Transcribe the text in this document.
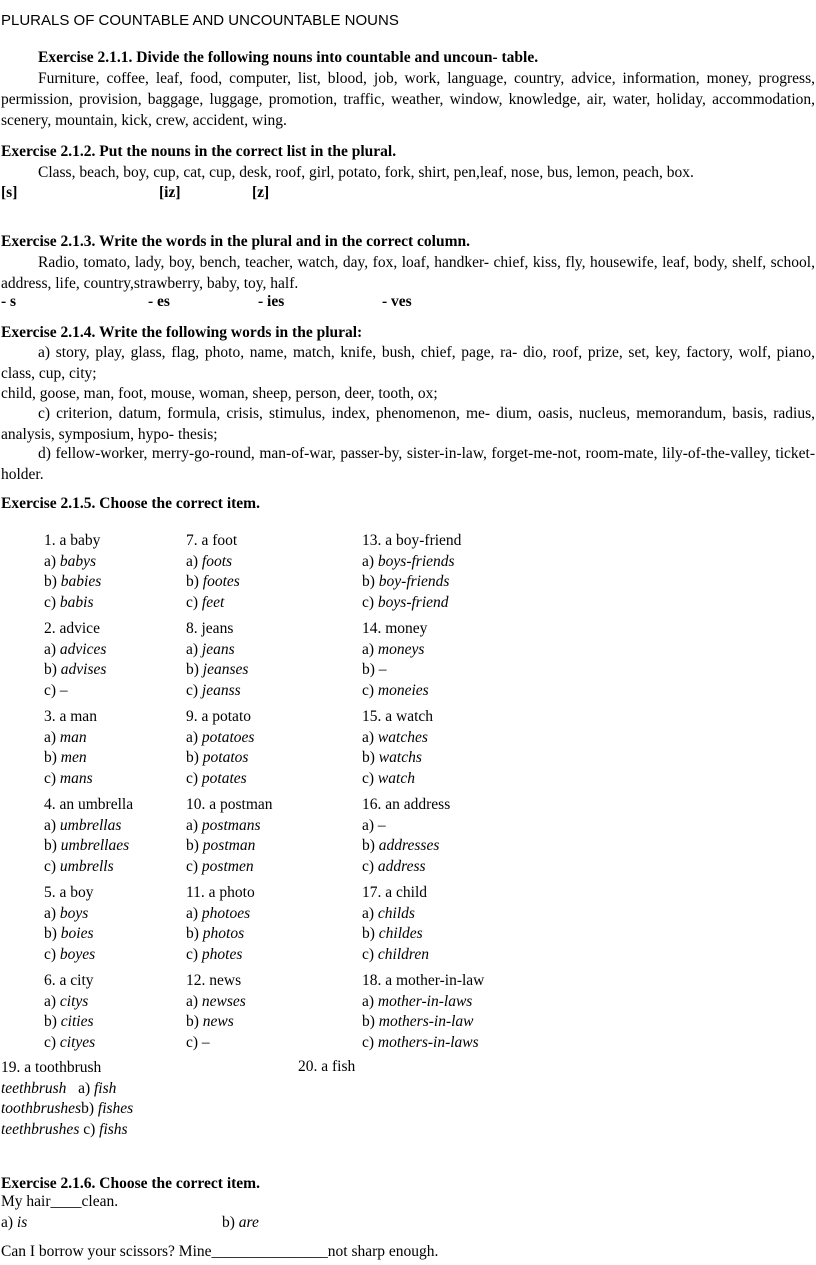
PLURALS OF COUNTABLE AND UNCOUNTABLE NOUNS
Exercise 2.1.1. Divide the following nouns into countable and uncoun- table.
Furniture, coffee, leaf, food, computer, list, blood, job, work, language, country, advice, information, money, progress, permission, provision, baggage, luggage, promotion, traffic, weather, window, knowledge, air, water, holiday, accommodation, scenery, mountain, kick, crew, accident, wing.
Exercise 2.1.2. Put the nouns in the correct list in the plural.
Class, beach, boy, cup, cat, cup, desk, roof, girl, potato, fork, shirt, pen,leaf, nose, bus, lemon, peach, box.
[s]	[iz]	[z]
Exercise 2.1.3. Write the words in the plural and in the correct column.
Radio, tomato, lady, boy, bench, teacher, watch, day, fox, loaf, handker- chief, kiss, fly, housewife, leaf, body, shelf, school, address, life, country,strawberry, baby, toy, half.
- s	- es	- ies	- ves
Exercise 2.1.4. Write the following words in the plural:
a) story, play, glass, flag, photo, name, match, knife, bush, chief, page, ra- dio, roof, prize, set, key, factory, wolf, piano, class, cup, city;
child, goose, man, foot, mouse, woman, sheep, person, deer, tooth, ox;
c) criterion, datum, formula, crisis, stimulus, index, phenomenon, me- dium, oasis, nucleus, memorandum, basis, radius, analysis, symposium, hypo- thesis;
d) fellow-worker, merry-go-round, man-of-war, passer-by, sister-in-law, forget-me-not, room-mate, lily-of-the-valley, ticket-holder.
Exercise 2.1.5. Choose the correct item.
1. a baby
a) babys
b) babies
c) babis
2. advice
a) advices
b) advises
c) –
3. a man
a) man
b) men
c) mans
4. an umbrella
a) umbrellas
b) umbrellaes
c) umbrells
5. a boy
a) boys
b) boies
c) boyes
6. a city
a) citys
b) cities
c) cityes
7. a foot
a) foots
b) footes
c) feet
8. jeans
a) jeans
b) jeanses
c) jeanss
9. a potato
a) potatoes
b) potatos
c) potates
10. a postman
a) postmans
b) postman
c) postmen
11. a photo
a) photoes
b) photos
c) photes
12. news
a) newses
b) news
c) –
13. a boy-friend
a) boys-friends
b) boy-friends
c) boys-friend
14. money
a) moneys
b) –
c) moneies
15. a watch
a) watches
b) watchs
c) watch
16. an address
a) –
b) addresses
c) address
17. a child
a) childs
b) childes
c) children
18. a mother-in-law
a) mother-in-laws
b) mothers-in-law
c) mothers-in-laws
19. a toothbrush
teethbrush   a) fish
toothbrushesb) fishes
teethbrushes c) fishs
20. a fish
Exercise 2.1.6. Choose the correct item.
My hair____clean.
a) is	b) are
Can I borrow your scissors? Mine_______________not sharp enough.
